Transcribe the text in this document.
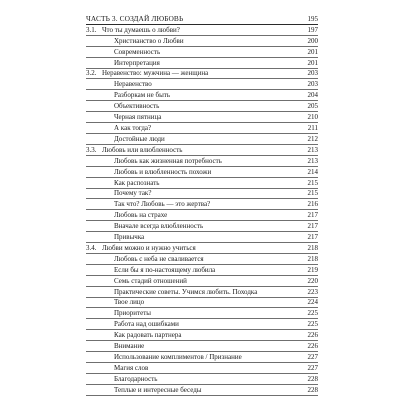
ЧАСТЬ 3. СОЗДАЙ ЛЮБОВЬ	195
3.1. Что ты думаешь о любви?	197
Христианство о Любви	200
Современность	201
Интерпретация	201
3.2. Неравенство: мужчина — женщина	203
Неравенство	203
Разборкам не быть	204
Объективность	205
Черная пятница	210
А как тогда?	211
Достойные люди	212
3.3. Любовь или влюбленность	213
Любовь как жизненная потребность	213
Любовь и влюбленность похожи	214
Как распознать	215
Почему так?	215
Так что? Любовь — это жертва?	216
Любовь на страхе	217
Вначале всегда влюбленность	217
Привычка	217
3.4. Любви можно и нужно учиться	218
Любовь с неба не сваливается	218
Если бы я по-настоящему любила	219
Семь стадий отношений	220
Практические советы. Учимся любить. Походка	223
Твое лицо	224
Приоритеты	225
Работа над ошибками	225
Как радовать партнера	226
Внимание	226
Использование комплиментов / Признание	227
Магия слов	227
Благодарность	228
Теплые и интересные беседы	228
